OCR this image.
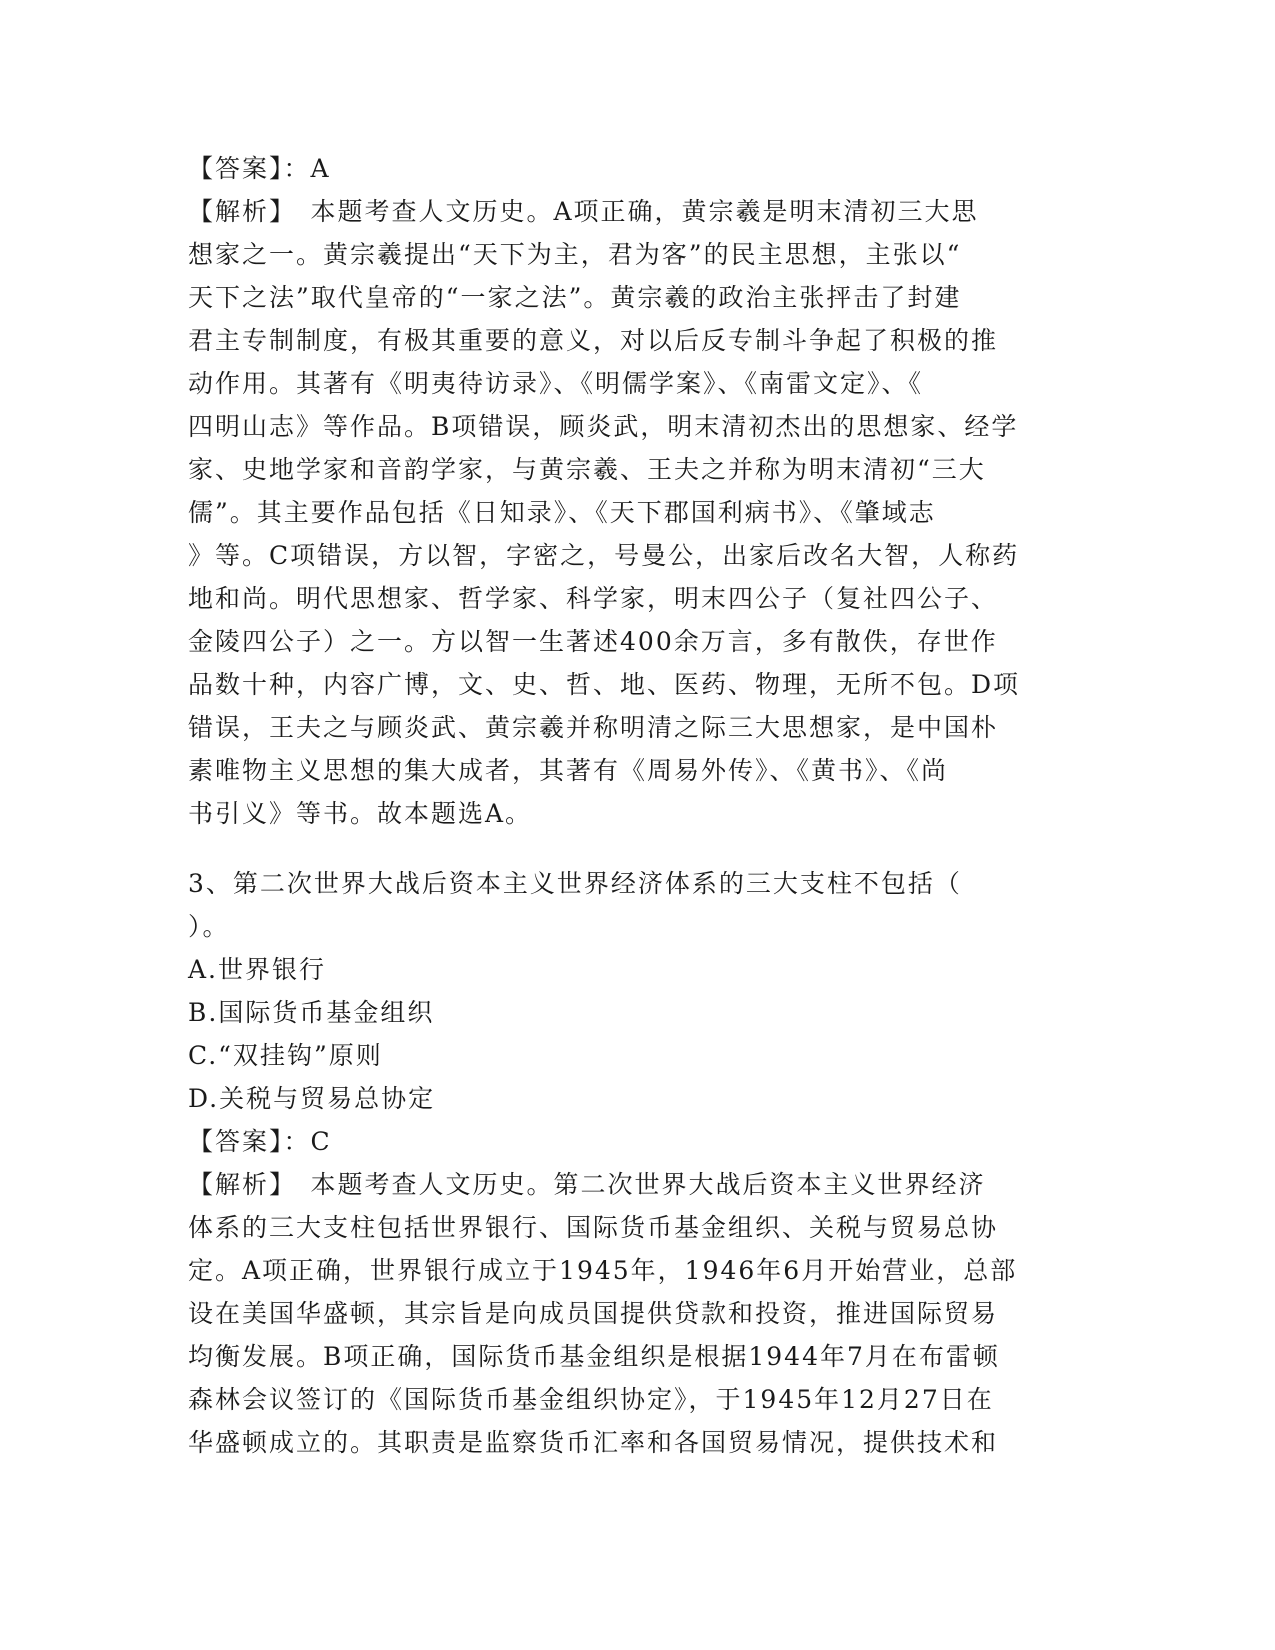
【答案】：A
【解析】　本题考查人文历史。A项正确，黄宗羲是明末清初三大思
想家之一。黄宗羲提出“天下为主，君为客”的民主思想，主张以“
天下之法”取代皇帝的“一家之法”。黄宗羲的政治主张抨击了封建
君主专制制度，有极其重要的意义，对以后反专制斗争起了积极的推
动作用。其著有《明夷待访录》、《明儒学案》、《南雷文定》、《
四明山志》等作品。B项错误，顾炎武，明末清初杰出的思想家、经学
家、史地学家和音韵学家，与黄宗羲、王夫之并称为明末清初“三大
儒”。其主要作品包括《日知录》、《天下郡国利病书》、《肇域志
》等。C项错误，方以智，字密之，号曼公，出家后改名大智，人称药
地和尚。明代思想家、哲学家、科学家，明末四公子（复社四公子、
金陵四公子）之一。方以智一生著述400余万言，多有散佚，存世作
品数十种，内容广博，文、史、哲、地、医药、物理，无所不包。D项
错误，王夫之与顾炎武、黄宗羲并称明清之际三大思想家，是中国朴
素唯物主义思想的集大成者，其著有《周易外传》、《黄书》、《尚
书引义》等书。故本题选A。
3、第二次世界大战后资本主义世界经济体系的三大支柱不包括（
）。
A.世界银行
B.国际货币基金组织
C.“双挂钩”原则
D.关税与贸易总协定
【答案】：C
【解析】　本题考查人文历史。第二次世界大战后资本主义世界经济
体系的三大支柱包括世界银行、国际货币基金组织、关税与贸易总协
定。A项正确，世界银行成立于1945年，1946年6月开始营业，总部
设在美国华盛顿，其宗旨是向成员国提供贷款和投资，推进国际贸易
均衡发展。B项正确，国际货币基金组织是根据1944年7月在布雷顿
森林会议签订的《国际货币基金组织协定》，于1945年12月27日在
华盛顿成立的。其职责是监察货币汇率和各国贸易情况，提供技术和
